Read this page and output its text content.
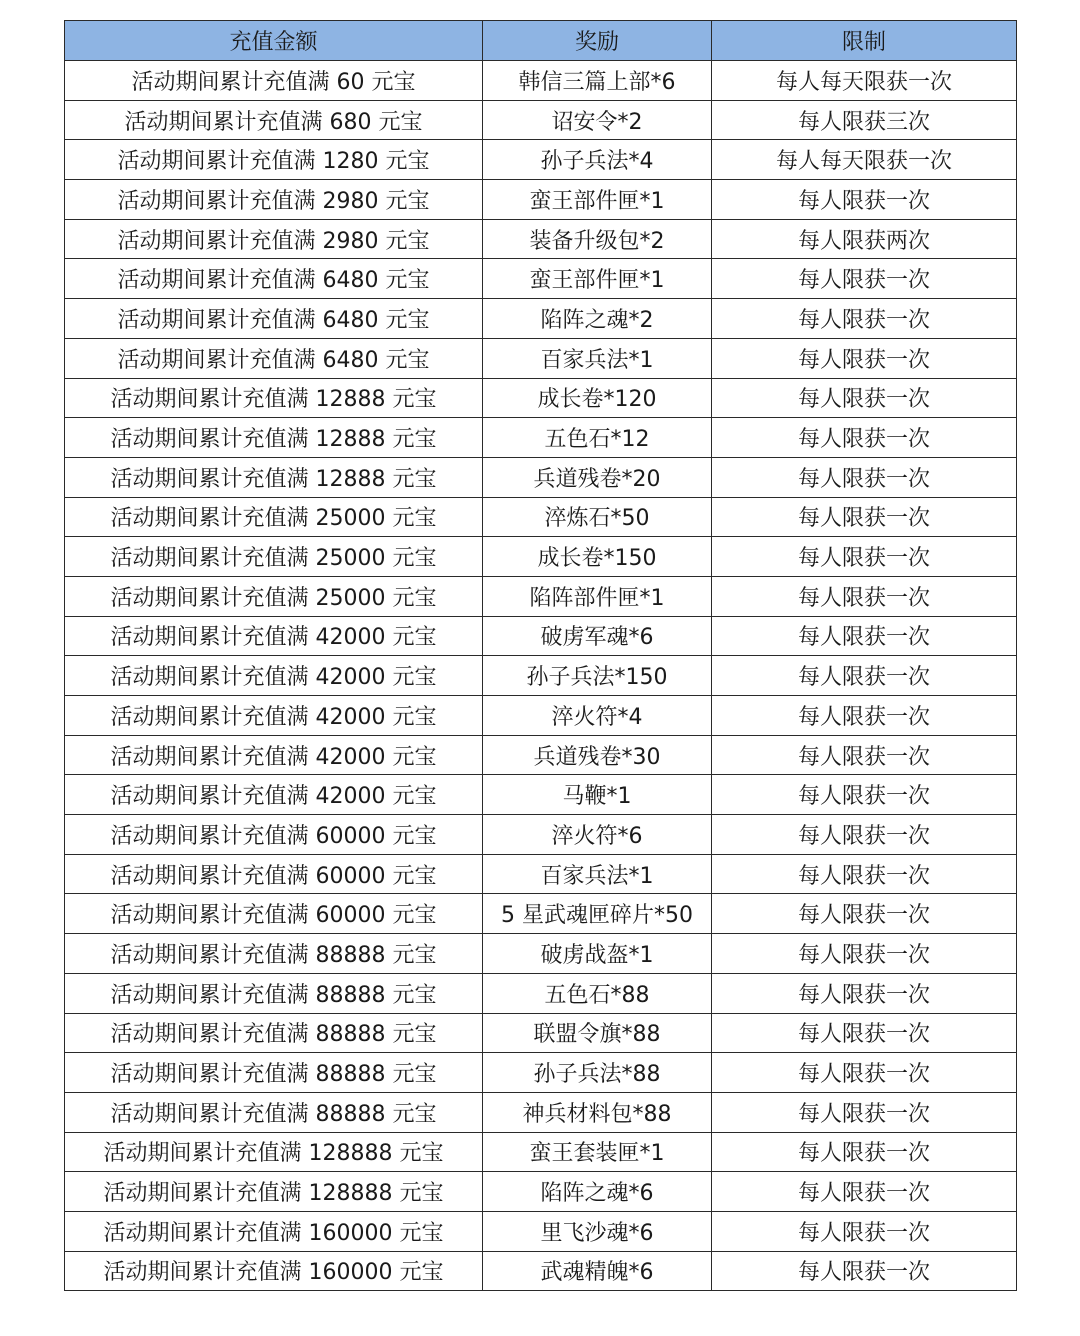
充值金额	奖励	限制
活动期间累计充值满 60 元宝	韩信三篇上部*6	每人每天限获一次
活动期间累计充值满 680 元宝	诏安令*2	每人限获三次
活动期间累计充值满 1280 元宝	孙子兵法*4	每人每天限获一次
活动期间累计充值满 2980 元宝	蛮王部件匣*1	每人限获一次
活动期间累计充值满 2980 元宝	装备升级包*2	每人限获两次
活动期间累计充值满 6480 元宝	蛮王部件匣*1	每人限获一次
活动期间累计充值满 6480 元宝	陷阵之魂*2	每人限获一次
活动期间累计充值满 6480 元宝	百家兵法*1	每人限获一次
活动期间累计充值满 12888 元宝	成长卷*120	每人限获一次
活动期间累计充值满 12888 元宝	五色石*12	每人限获一次
活动期间累计充值满 12888 元宝	兵道残卷*20	每人限获一次
活动期间累计充值满 25000 元宝	淬炼石*50	每人限获一次
活动期间累计充值满 25000 元宝	成长卷*150	每人限获一次
活动期间累计充值满 25000 元宝	陷阵部件匣*1	每人限获一次
活动期间累计充值满 42000 元宝	破虏军魂*6	每人限获一次
活动期间累计充值满 42000 元宝	孙子兵法*150	每人限获一次
活动期间累计充值满 42000 元宝	淬火符*4	每人限获一次
活动期间累计充值满 42000 元宝	兵道残卷*30	每人限获一次
活动期间累计充值满 42000 元宝	马鞭*1	每人限获一次
活动期间累计充值满 60000 元宝	淬火符*6	每人限获一次
活动期间累计充值满 60000 元宝	百家兵法*1	每人限获一次
活动期间累计充值满 60000 元宝	5 星武魂匣碎片*50	每人限获一次
活动期间累计充值满 88888 元宝	破虏战盔*1	每人限获一次
活动期间累计充值满 88888 元宝	五色石*88	每人限获一次
活动期间累计充值满 88888 元宝	联盟令旗*88	每人限获一次
活动期间累计充值满 88888 元宝	孙子兵法*88	每人限获一次
活动期间累计充值满 88888 元宝	神兵材料包*88	每人限获一次
活动期间累计充值满 128888 元宝	蛮王套装匣*1	每人限获一次
活动期间累计充值满 128888 元宝	陷阵之魂*6	每人限获一次
活动期间累计充值满 160000 元宝	里飞沙魂*6	每人限获一次
活动期间累计充值满 160000 元宝	武魂精魄*6	每人限获一次
